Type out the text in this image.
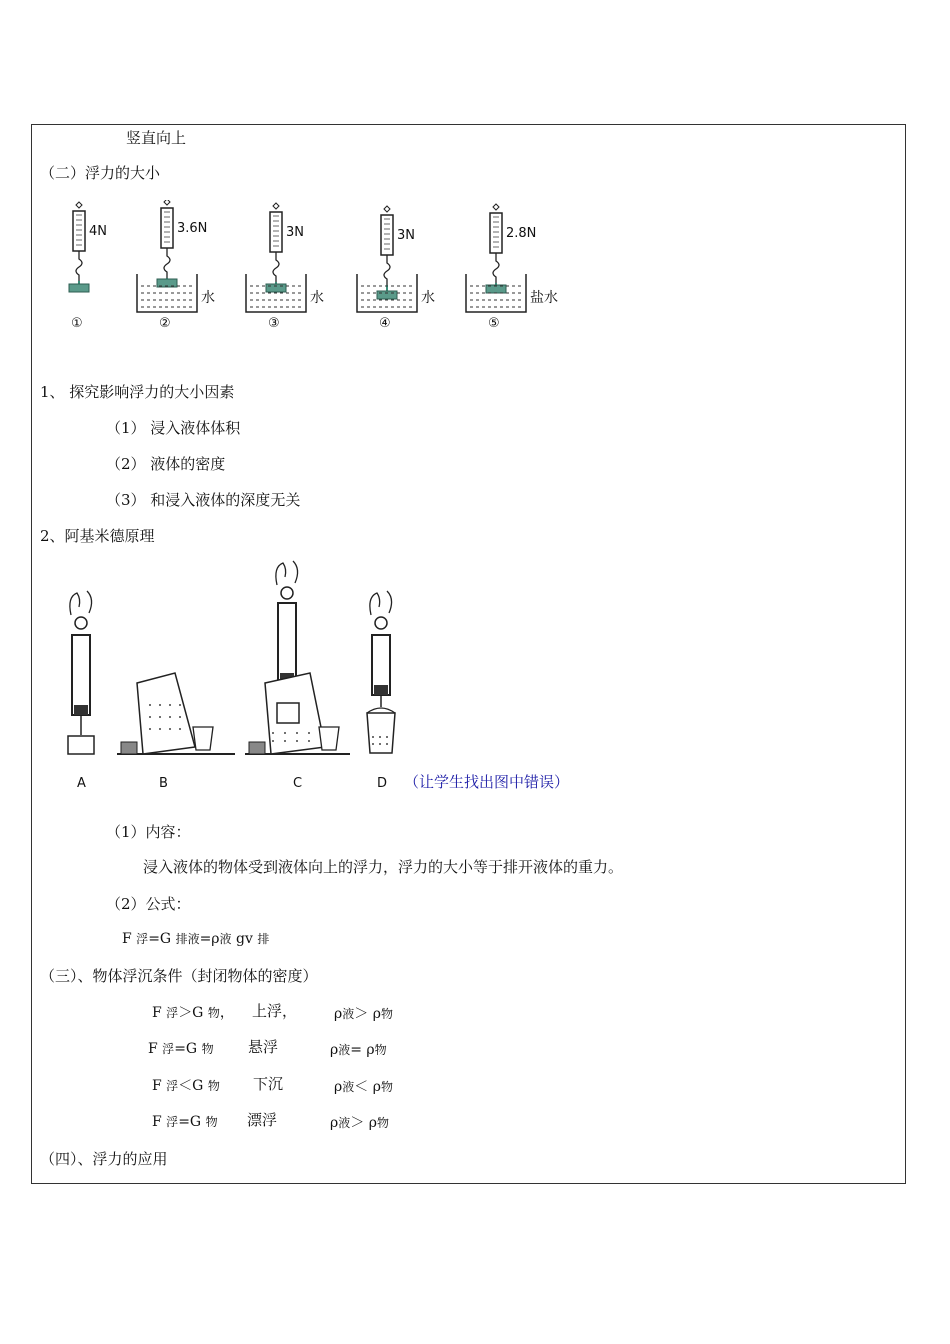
竖直向上
（二）浮力的大小
4N
①
3.6N
水
②
3N
水
③
3N
水
④
2.8N
盐水
⑤
1、 探究影响浮力的大小因素
（1） 浸入液体体积
（2） 液体的密度
（3） 和浸入液体的深度无关
2、阿基米德原理
A	B	C	D （让学生找出图中错误）
（1）内容：
浸入液体的物体受到液体向上的浮力，浮力的大小等于排开液体的重力。
（2）公式：
F 浮=G 排液=ρ液 gv 排
（三）、物体浮沉条件（封闭物体的密度）
F 浮＞G 物， 上浮，	ρ液＞ ρ物
F 浮=G 物 悬浮	ρ液= ρ物
F 浮＜G 物 下沉	ρ液＜ ρ物
F 浮=G 物 漂浮	ρ液＞ ρ物
（四）、浮力的应用
